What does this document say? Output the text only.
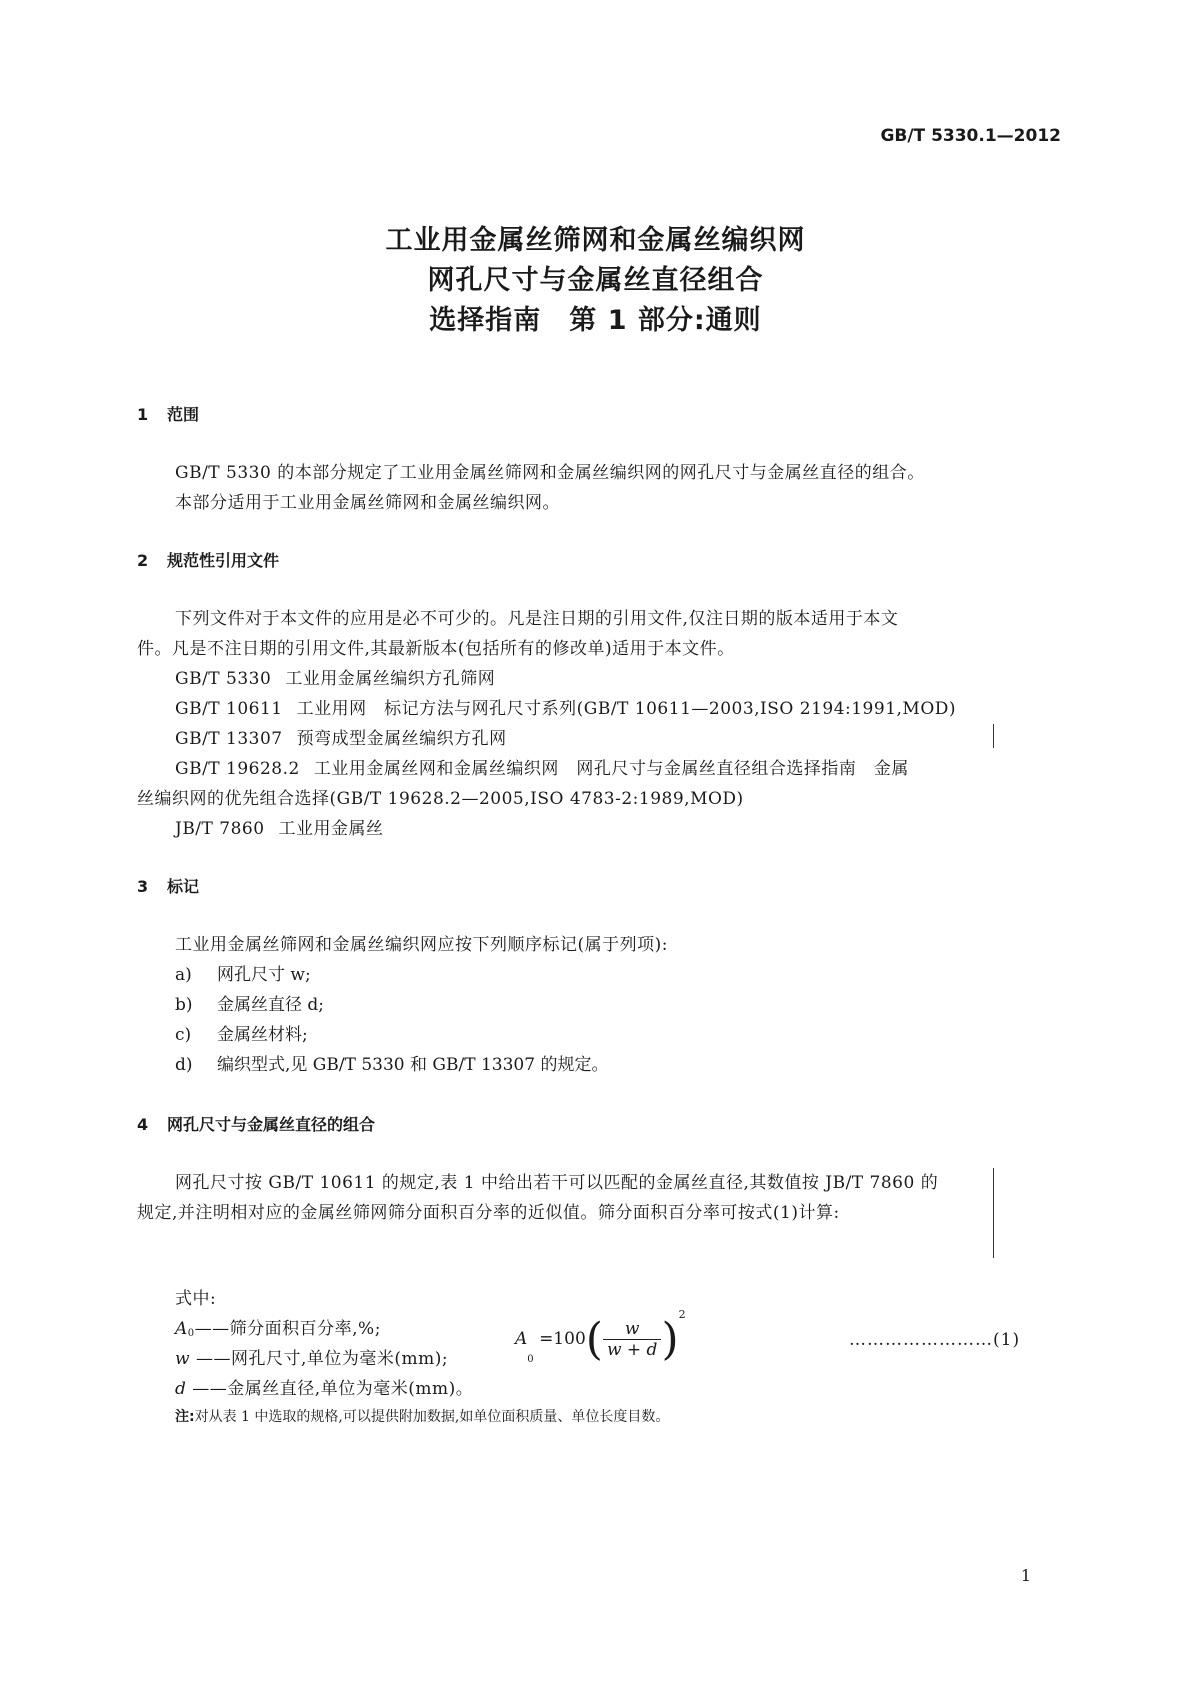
GB/T 5330.1—2012
工业用金属丝筛网和金属丝编织网
网孔尺寸与金属丝直径组合
选择指南　第 1 部分:通则
1 范围
GB/T 5330 的本部分规定了工业用金属丝筛网和金属丝编织网的网孔尺寸与金属丝直径的组合。
本部分适用于工业用金属丝筛网和金属丝编织网。
2 规范性引用文件
下列文件对于本文件的应用是必不可少的。凡是注日期的引用文件,仅注日期的版本适用于本文
件。凡是不注日期的引用文件,其最新版本(包括所有的修改单)适用于本文件。
GB/T 5330 工业用金属丝编织方孔筛网
GB/T 10611 工业用网　标记方法与网孔尺寸系列(GB/T 10611—2003,ISO 2194:1991,MOD)
GB/T 13307 预弯成型金属丝编织方孔网
GB/T 19628.2 工业用金属丝网和金属丝编织网　网孔尺寸与金属丝直径组合选择指南　金属
丝编织网的优先组合选择(GB/T 19628.2—2005,ISO 4783-2:1989,MOD)
JB/T 7860 工业用金属丝
3 标记
工业用金属丝筛网和金属丝编织网应按下列顺序标记(属于列项):
a) 网孔尺寸 w;
b) 金属丝直径 d;
c) 金属丝材料;
d) 编织型式,见 GB/T 5330 和 GB/T 13307 的规定。
4 网孔尺寸与金属丝直径的组合
网孔尺寸按 GB/T 10611 的规定,表 1 中给出若干可以匹配的金属丝直径,其数值按 JB/T 7860 的
规定,并注明相对应的金属丝筛网筛分面积百分率的近似值。筛分面积百分率可按式(1)计算:
$A0 =100( \frac{w}{w + d} )^2$
……………………(1)
式中:
A0——筛分面积百分率,%;
w ——网孔尺寸,单位为毫米(mm);
d ——金属丝直径,单位为毫米(mm)。
注:对从表 1 中选取的规格,可以提供附加数据,如单位面积质量、单位长度目数。
1
